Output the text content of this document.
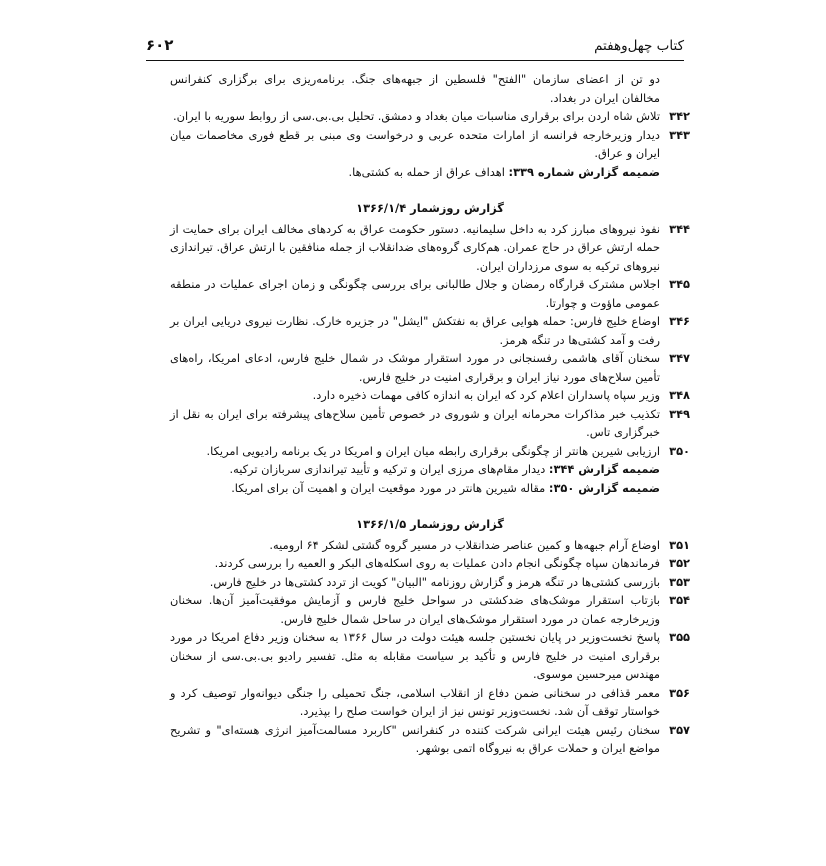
کتاب چهل‌وهفتم
۶۰۲
دو تن از اعضای سازمان "الفتح" فلسطین از جبهه‌های جنگ. برنامه‌ریزی برای برگزاری کنفرانس مخالفان ایران در بغداد.
۳۴۲
تلاش شاه اردن برای برقراری مناسبات میان بغداد و دمشق. تحلیل بی.بی.سی از روابط سوریه با ایران.
۳۴۳
دیدار وزیرخارجه فرانسه از امارات متحده عربی و درخواست وی مبنی بر قطع فوری مخاصمات میان ایران و عراق.
ضمیمه گزارش شماره ۳۳۹: اهداف عراق از حمله به کشتی‌ها.
گزارش روزشمار ۱۳۶۶/۱/۴
۳۴۴
نفوذ نیروهای مبارز کرد به داخل سلیمانیه. دستور حکومت عراق به کردهای مخالف ایران برای حمایت از حمله ارتش عراق در حاج عمران. هم‌کاری گروه‌های ضدانقلاب از جمله منافقین با ارتش عراق. تیراندازی نیروهای ترکیه به سوی مرزداران ایران.
۳۴۵
اجلاس مشترک قرارگاه رمضان و جلال طالبانی برای بررسی چگونگی و زمان اجرای عملیات در منطقه عمومی ماؤوت و چوارتا.
۳۴۶
اوضاع خلیج فارس: حمله هوایی عراق به نفتکش "ایشل" در جزیره خارک. نظارت نیروی دریایی ایران بر رفت و آمد کشتی‌ها در تنگه هرمز.
۳۴۷
سخنان آقای هاشمی رفسنجانی در مورد استقرار موشک در شمال خلیج فارس، ادعای امریکا، راه‌های تأمین سلاح‌های مورد نیاز ایران و برقراری امنیت در خلیج فارس.
۳۴۸
وزیر سپاه پاسداران اعلام کرد که ایران به اندازه کافی مهمات ذخیره دارد.
۳۴۹
تکذیب خبر مذاکرات محرمانه ایران و شوروی در خصوص تأمین سلاح‌های پیشرفته برای ایران به نقل از خبرگزاری تاس.
۳۵۰
ارزیابی شیرین هانتر از چگونگی برقراری رابطه میان ایران و امریکا در یک برنامه رادیویی امریکا.
ضمیمه گزارش ۳۴۴: دیدار مقام‌های مرزی ایران و ترکیه و تأیید تیراندازی سربازان ترکیه.
ضمیمه گزارش ۳۵۰: مقاله شیرین هانتر در مورد موقعیت ایران و اهمیت آن برای امریکا.
گزارش روزشمار ۱۳۶۶/۱/۵
۳۵۱
اوضاع آرام جبهه‌ها و کمین عناصر ضدانقلاب در مسیر گروه گشتی لشکر ۶۴ ارومیه.
۳۵۲
فرماندهان سپاه چگونگی انجام دادن عملیات به روی اسکله‌های البکر و العمیه را بررسی کردند.
۳۵۳
بازرسی کشتی‌ها در تنگه هرمز و گزارش روزنامه "البیان" کویت از تردد کشتی‌ها در خلیج فارس.
۳۵۴
بازتاب استقرار موشک‌های ضدکشتی در سواحل خلیج فارس و آزمایش موفقیت‌آمیز آن‌ها. سخنان وزیرخارجه عمان در مورد استقرار موشک‌های ایران در ساحل شمال خلیج فارس.
۳۵۵
پاسخ نخست‌وزیر در پایان نخستین جلسه هیئت دولت در سال ۱۳۶۶ به سخنان وزیر دفاع امریکا در مورد برقراری امنیت در خلیج فارس و تأکید بر سیاست مقابله به مثل. تفسیر رادیو بی.بی.سی از سخنان مهندس میرحسین موسوی.
۳۵۶
معمر قذافی در سخنانی ضمن دفاع از انقلاب اسلامی، جنگ تحمیلی را جنگی دیوانه‌وار توصیف کرد و خواستار توقف آن شد. نخست‌وزیر تونس نیز از ایران خواست صلح را بپذیرد.
۳۵۷
سخنان رئیس هیئت ایرانی شرکت کننده در کنفرانس "کاربرد مسالمت‌آمیز انرژی هسته‌ای" و تشریح مواضع ایران و حملات عراق به نیروگاه اتمی بوشهر.
